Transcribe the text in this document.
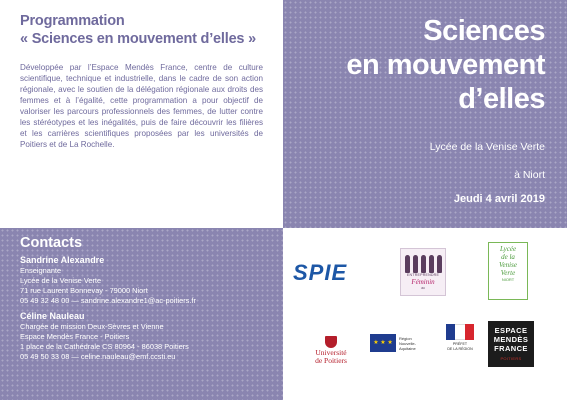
Programmation
« Sciences en mouvement d’elles »

Développée par l’Espace Mendès France, centre de culture scientifique, technique et industrielle, dans le cadre de son action régionale, avec le soutien de la délégation régionale aux droits des femmes et à l’égalité, cette programmation a pour objectif de valoriser les parcours professionnels des femmes, de lutter contre les stéréotypes et les inégalités, puis de faire découvrir les filières et les carrières scientifiques proposées par les universités de Poitiers et de La Rochelle.

Sciences
en mouvement
d’elles
Lycée de la Venise Verte
à Niort
Jeudi 4 avril 2019
Contacts
Sandrine Alexandre
Enseignante
Lycée de la Venise Verte
71 rue Laurent Bonnevay - 79000 Niort
05 49 32 48 00 — sandrine.alexandre1@ac-poitiers.fr
Céline Nauleau
Chargée de mission Deux-Sèvres et Vienne
Espace Mendès France - Poitiers
1 place de la Cathédrale CS 80964 - 86038 Poitiers
05 49 50 33 08 — celine.nauleau@emf.ccsti.eu
SPIE	ENTREPRENDRE
Féminin
au
Lycée
de la
Venise
Verte
NIORT
Université
de Poitiers
★ ★ ★
Région
Nouvelle-
Aquitaine
PRÉFET
DE LA RÉGION
ESPACE
MENDÈS
FRANCE
POITIERS
